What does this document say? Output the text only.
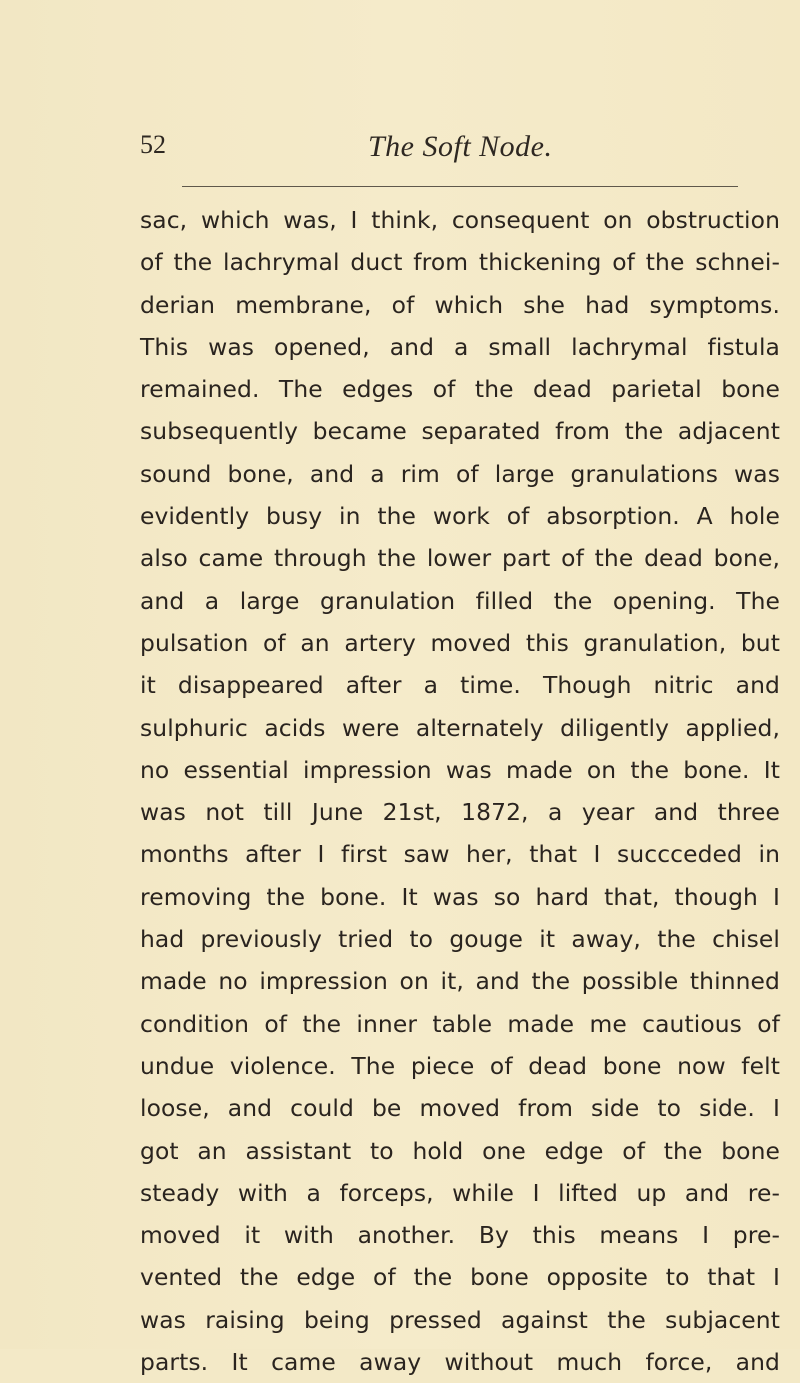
52	The Soft Node.
sac, which was, I think, consequent on obstruction
of the lachrymal duct from thickening of the schnei-
derian membrane, of which she had symptoms.
This was opened, and a small lachrymal fistula
remained. The edges of the dead parietal bone
subsequently became separated from the adjacent
sound bone, and a rim of large granulations was
evidently busy in the work of absorption. A hole
also came through the lower part of the dead bone,
and a large granulation filled the opening. The
pulsation of an artery moved this granulation, but
it disappeared after a time. Though nitric and
sulphuric acids were alternately diligently applied,
no essential impression was made on the bone. It
was not till June 21st, 1872, a year and three
months after I first saw her, that I succceded in
removing the bone. It was so hard that, though I
had previously tried to gouge it away, the chisel
made no impression on it, and the possible thinned
condition of the inner table made me cautious of
undue violence. The piece of dead bone now felt
loose, and could be moved from side to side. I
got an assistant to hold one edge of the bone
steady with a forceps, while I lifted up and re-
moved it with another. By this means I pre-
vented the edge of the bone opposite to that I
was raising being pressed against the subjacent
parts. It came away without much force, and
